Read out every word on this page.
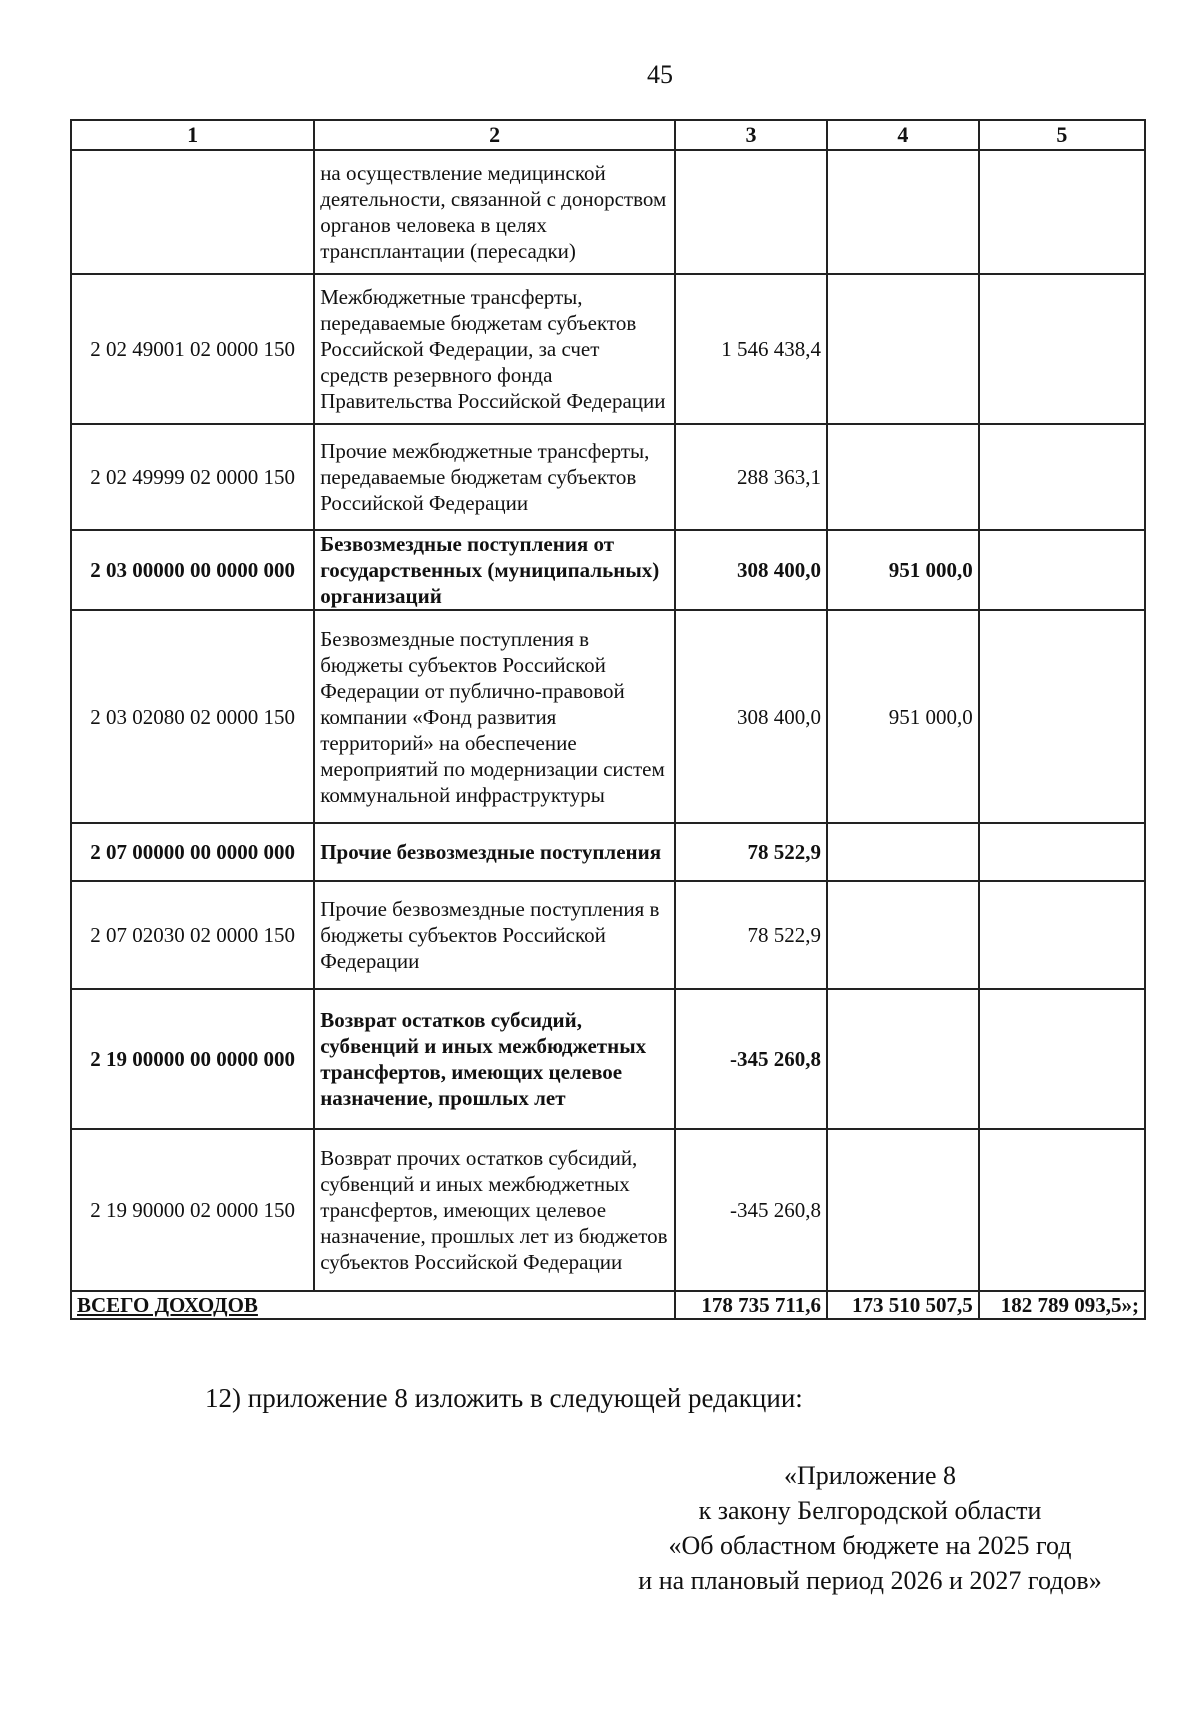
45
1	2	3	4	5
	на осуществление медицинской деятельности, связанной с донорством органов человека в целях трансплантации (пересадки)			
2 02 49001 02 0000 150	Межбюджетные трансферты, передаваемые бюджетам субъектов Российской Федерации, за счет средств резервного фонда Правительства Российской Федерации	1 546 438,4		
2 02 49999 02 0000 150	Прочие межбюджетные трансферты, передаваемые бюджетам субъектов Российской Федерации	288 363,1		
2 03 00000 00 0000 000	Безвозмездные поступления от государственных (муниципальных) организаций	308 400,0	951 000,0	
2 03 02080 02 0000 150	Безвозмездные поступления в бюджеты субъектов Российской Федерации от публично-правовой компании «Фонд развития территорий» на обеспечение мероприятий по модернизации систем коммунальной инфраструктуры	308 400,0	951 000,0	
2 07 00000 00 0000 000	Прочие безвозмездные поступления	78 522,9		
2 07 02030 02 0000 150	Прочие безвозмездные поступления в бюджеты субъектов Российской Федерации	78 522,9		
2 19 00000 00 0000 000	Возврат остатков субсидий, субвенций и иных межбюджетных трансфертов, имеющих целевое назначение, прошлых лет	-345 260,8		
2 19 90000 02 0000 150	Возврат прочих остатков субсидий, субвенций и иных межбюджетных трансфертов, имеющих целевое назначение, прошлых лет из бюджетов субъектов Российской Федерации	-345 260,8		
ВСЕГО ДОХОДОВ		178 735 711,6	173 510 507,5	182 789 093,5»;
12) приложение 8 изложить в следующей редакции:
«Приложение 8
к закону Белгородской области
«Об областном бюджете на 2025 год
и на плановый период 2026 и 2027 годов»
